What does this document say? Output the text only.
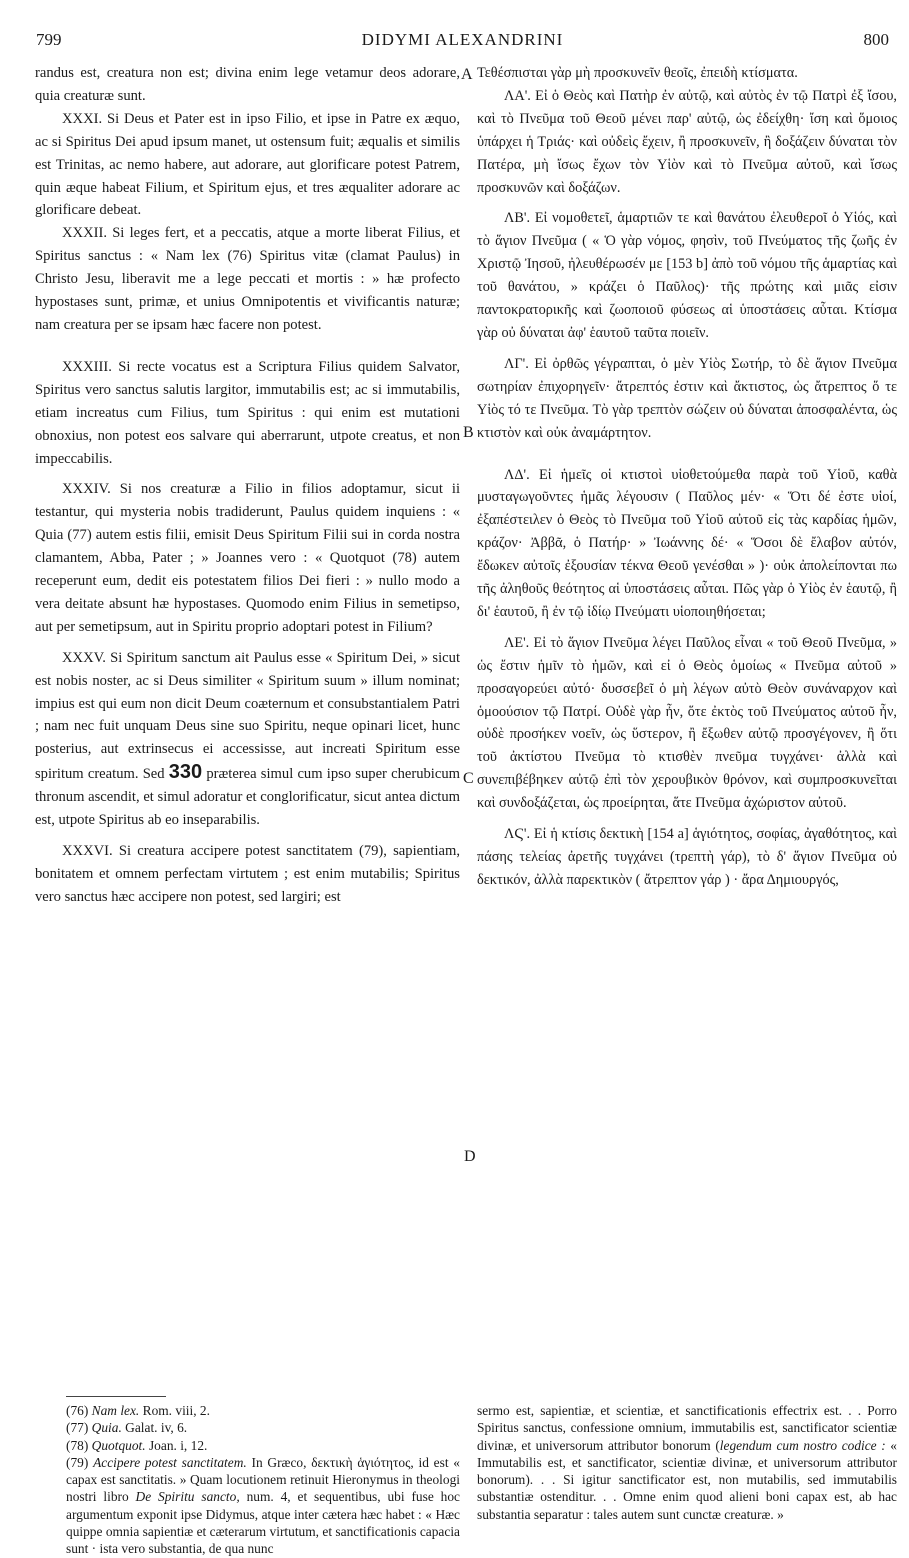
799	DIDYMI ALEXANDRINI	800

randus est, creatura non est; divina enim lege vetamur deos adorare, quia creaturæ sunt.

XXXI. Si Deus et Pater est in ipso Filio, et ipse in Patre ex æquo, ac si Spiritus Dei apud ipsum manet, ut ostensum fuit; æqualis et similis est Trinitas, ac nemo habere, aut adorare, aut glorificare potest Patrem, quin æque habeat Filium, et Spiritum ejus, et tres æqualiter adorare ac glorificare debeat.

XXXII. Si leges fert, et a peccatis, atque a morte liberat Filius, et Spiritus sanctus : « Nam lex (76) Spiritus vitæ (clamat Paulus) in Christo Jesu, liberavit me a lege peccati et mortis : » hæ profecto hypostases sunt, primæ, et unius Omnipotentis et vivificantis naturæ; nam creatura per se ipsam hæc facere non potest.

XXXIII. Si recte vocatus est a Scriptura Filius quidem Salvator, Spiritus vero sanctus salutis largitor, immutabilis est; ac si immutabilis, etiam increatus cum Filius, tum Spiritus : qui enim est mutationi obnoxius, non potest eos salvare qui aberrarunt, utpote creatus, et non impeccabilis.

XXXIV. Si nos creaturæ a Filio in filios adoptamur, sicut ii testantur, qui mysteria nobis tradiderunt, Paulus quidem inquiens : « Quia (77) autem estis filii, emisit Deus Spiritum Filii sui in corda nostra clamantem, Abba, Pater ; » Joannes vero : « Quotquot (78) autem receperunt eum, dedit eis potestatem filios Dei fieri : » nullo modo a vera deitate absunt hæ hypostases. Quomodo enim Filius in semetipso, aut per semetipsum, aut in Spiritu proprio adoptari potest in Filium?

XXXV. Si Spiritum sanctum ait Paulus esse « Spiritum Dei, » sicut est nobis noster, ac si Deus similiter « Spiritum suum » illum nominat; impius est qui eum non dicit Deum coæternum et consubstantialem Patri ; nam nec fuit unquam Deus sine suo Spiritu, neque opinari licet, hunc posterius, aut extrinsecus ei accessisse, aut increati Spiritum esse spiritum creatum. Sed 330 præterea simul cum ipso super cherubicum thronum ascendit, et simul adoratur et conglorificatur, sicut antea dictum est, utpote Spiritus ab eo inseparabilis.

XXXVI. Si creatura accipere potest sanctitatem (79), sapientiam, bonitatem et omnem perfectam virtutem ; est enim mutabilis; Spiritus vero sanctus hæc accipere non potest, sed largiri; est

A
B
C
D

Τεθέσπισται γὰρ μὴ προσκυνεῖν θεοῖς, ἐπειδὴ κτίσματα.

ΛΑ'. Εἰ ὁ Θεὸς καὶ Πατὴρ ἐν αὐτῷ, καὶ αὐτὸς ἐν τῷ Πατρὶ ἐξ ἴσου, καὶ τὸ Πνεῦμα τοῦ Θεοῦ μένει παρ' αὐτῷ, ὡς ἐδείχθη· ἴση καὶ ὅμοιος ὑπάρχει ἡ Τριάς· καὶ οὐδεὶς ἔχειν, ἢ προσκυνεῖν, ἢ δοξάζειν δύναται τὸν Πατέρα, μὴ ἴσως ἔχων τὸν Υἱὸν καὶ τὸ Πνεῦμα αὐτοῦ, καὶ ἴσως προσκυνῶν καὶ δοξάζων.

ΛΒ'. Εἰ νομοθετεῖ, ἁμαρτιῶν τε καὶ θανάτου ἐλευθεροῖ ὁ Υἱός, καὶ τὸ ἅγιον Πνεῦμα ( « Ὁ γὰρ νόμος, φησὶν, τοῦ Πνεύματος τῆς ζωῆς ἐν Χριστῷ Ἰησοῦ, ἠλευθέρωσέν με [153 b] ἀπὸ τοῦ νόμου τῆς ἁμαρτίας καὶ τοῦ θανάτου, » κράζει ὁ Παῦλος)· τῆς πρώτης καὶ μιᾶς εἰσιν παντοκρατορικῆς καὶ ζωοποιοῦ φύσεως αἱ ὑποστάσεις αὗται. Κτίσμα γὰρ οὐ δύναται ἀφ' ἑαυτοῦ ταῦτα ποιεῖν.

ΛΓ'. Εἰ ὀρθῶς γέγραπται, ὁ μὲν Υἱὸς Σωτήρ, τὸ δὲ ἅγιον Πνεῦμα σωτηρίαν ἐπιχορηγεῖν· ἄτρεπτός ἐστιν καὶ ἄκτιστος, ὡς ἄτρεπτος ὅ τε Υἱὸς τό τε Πνεῦμα. Τὸ γὰρ τρεπτὸν σώζειν οὐ δύναται ἀποσφαλέντα, ὡς κτιστὸν καὶ οὐκ ἀναμάρτητον.

ΛΔ'. Εἰ ἡμεῖς οἱ κτιστοὶ υἱοθετούμεθα παρὰ τοῦ Υἱοῦ, καθὰ μυσταγωγοῦντες ἡμᾶς λέγουσιν ( Παῦλος μέν· « Ὅτι δέ ἐστε υἱοί, ἐξαπέστειλεν ὁ Θεὸς τὸ Πνεῦμα τοῦ Υἱοῦ αὐτοῦ εἰς τὰς καρδίας ἡμῶν, κράζον· Ἀββᾶ, ὁ Πατήρ· » Ἰωάννης δέ· « Ὅσοι δὲ ἔλαβον αὐτόν, ἔδωκεν αὐτοῖς ἐξουσίαν τέκνα Θεοῦ γενέσθαι » )· οὐκ ἀπολείπονται πω τῆς ἀληθοῦς θεότητος αἱ ὑποστάσεις αὗται. Πῶς γὰρ ὁ Υἱὸς ἐν ἑαυτῷ, ἢ δι' ἑαυτοῦ, ἢ ἐν τῷ ἰδίῳ Πνεύματι υἱοποιηθήσεται;

ΛΕ'. Εἰ τὸ ἅγιον Πνεῦμα λέγει Παῦλος εἶναι « τοῦ Θεοῦ Πνεῦμα, » ὡς ἔστιν ἡμῖν τὸ ἡμῶν, καὶ εἰ ὁ Θεὸς ὁμοίως « Πνεῦμα αὐτοῦ » προσαγορεύει αὐτό· δυσσεβεῖ ὁ μὴ λέγων αὐτὸ Θεὸν συνάναρχον καὶ ὁμοούσιον τῷ Πατρί. Οὐδὲ γὰρ ἦν, ὅτε ἐκτὸς τοῦ Πνεύματος αὐτοῦ ἦν, οὐδὲ προσήκεν νοεῖν, ὡς ὕστερον, ἢ ἔξωθεν αὐτῷ προσγέγονεν, ἢ ὅτι τοῦ ἀκτίστου Πνεῦμα τὸ κτισθὲν πνεῦμα τυγχάνει· ἀλλὰ καὶ συνεπιβέβηκεν αὐτῷ ἐπὶ τὸν χερουβικὸν θρόνον, καὶ συμπροσκυνεῖται καὶ συνδοξάζεται, ὡς προείρηται, ἅτε Πνεῦμα ἀχώριστον αὐτοῦ.

ΛϚ'. Εἰ ἡ κτίσις δεκτικὴ [154 a] ἁγιότητος, σοφίας, ἀγαθότητος, καὶ πάσης τελείας ἀρετῆς τυγχάνει (τρεπτὴ γάρ), τὸ δ' ἅγιον Πνεῦμα οὐ δεκτικόν, ἀλλὰ παρεκτικὸν ( ἄτρεπτον γάρ ) · ἄρα Δημιουργός,

(76) Nam lex. Rom. viii, 2.

(77) Quia. Galat. iv, 6.

(78) Quotquot. Joan. i, 12.

(79) Accipere potest sanctitatem. In Græco, δεκτικὴ ἁγιότητος, id est « capax est sanctitatis. » Quam locutionem retinuit Hieronymus in theologi nostri libro De Spiritu sancto, num. 4, et sequentibus, ubi fuse hoc argumentum exponit ipse Didymus, atque inter cætera hæc habet : « Hæc quippe omnia sapientiæ et cæterarum virtutum, et sanctificationis capacia sunt · ista vero substantia, de qua nunc

sermo est, sapientiæ, et scientiæ, et sanctificationis effectrix est. . . Porro Spiritus sanctus, confessione omnium, immutabilis est, sanctificator scientiæ divinæ, et universorum attributor bonorum (legendum cum nostro codice : « Immutabilis est, et sanctificator, scientiæ divinæ, et universorum attributor bonorum). . . Si igitur sanctificator est, non mutabilis, sed immutabilis substantiæ ostenditur. . . Omne enim quod alieni boni capax est, ab hac substantia separatur : tales autem sunt cunctæ creaturæ. »
